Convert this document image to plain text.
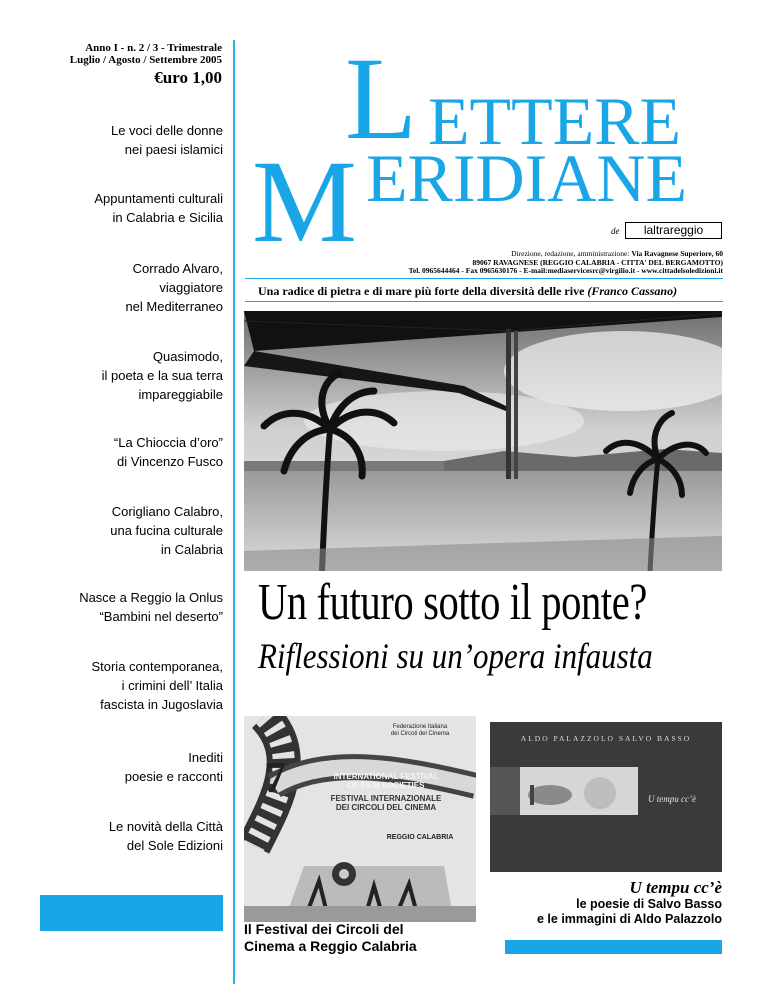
Anno I - n. 2 / 3 - Trimestrale
Luglio / Agosto / Settembre 2005
€uro 1,00
Le voci delle donne
nei paesi islamici
Appuntamenti culturali
in Calabria e Sicilia
Corrado Alvaro,
viaggiatore
nel Mediterraneo
Quasimodo,
il poeta e la sua terra
impareggiabile
“La Chioccia d’oro”
di Vincenzo Fusco
Corigliano Calabro,
una fucina culturale
in Calabria
Nasce a Reggio la Onlus
“Bambini nel deserto”
Storia contemporanea,
i crimini dell’ Italia
fascista in Jugoslavia
Inediti
poesie e racconti
Le novità della Città
del Sole Edizioni
L ETTERE
M ERIDIANE
de	laltrareggio
Direzione, redazione, amministrazione: Via Ravagnese Superiore, 60
89067 RAVAGNESE (REGGIO CALABRIA - CITTA' DEL BERGAMOTTO)
Tel. 0965644464 - Fax 0965630176 - E-mail:mediaservicesrc@virgilio.it - www.cittadelsoledizioni.it
Una radice di pietra e di mare più forte della diversità delle rive (Franco Cassano)
Un futuro sotto il ponte?
Riflessioni su un’opera infausta
Federazione Italiana
dei Circoli del Cinema
7	INTERNATIONAL FESTIVAL
OF FILM SOCIETIES
FESTIVAL INTERNAZIONALE
DEI CIRCOLI DEL CINEMA
REGGIO CALABRIA
Il Festival dei Circoli del
Cinema a Reggio Calabria
ALDO PALAZZOLO SALVO BASSO
U tempu cc’è
U tempu cc’è
le poesie di Salvo Basso
e le immagini di Aldo Palazzolo
